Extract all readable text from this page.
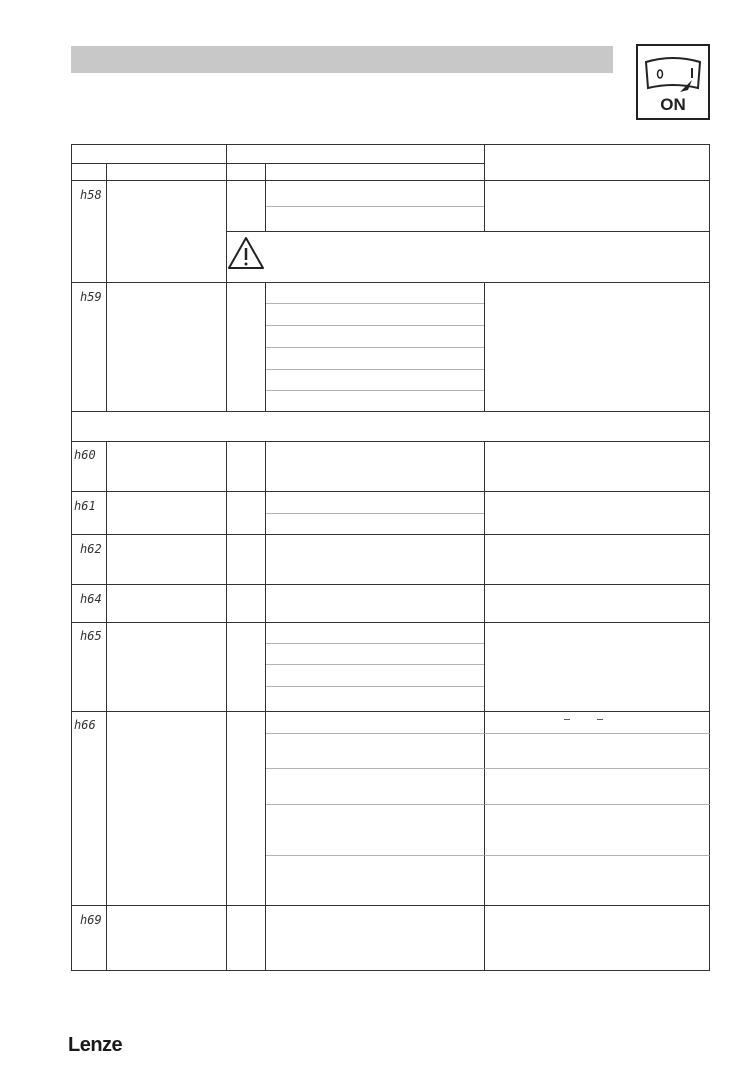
ON
h58
h59
h60
h61
h62
h64
h65
h66
h69
Lenze
